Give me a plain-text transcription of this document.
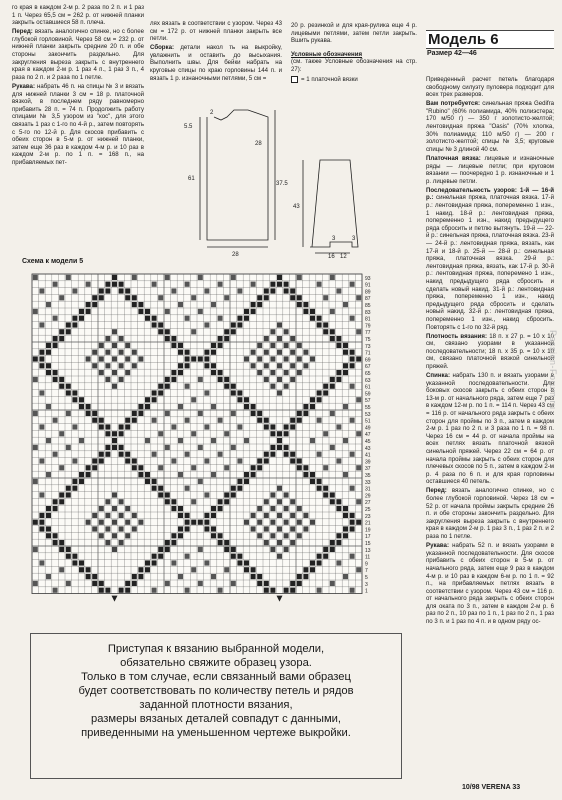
го края в каждом 2-м р. 2 раза по 2 п. и 1 раз 1 п. Через 65,5 см = 262 р. от нижней планки закрыть оставшиеся 58 п. плеча.

Перед: вязать аналогично спинке, но с более глубокой горловиной. Через 58 см = 232 р. от нижней планки закрыть средние 20 п. и обе стороны закончить раздельно. Для закругления выреза закрыть с внутреннего края в каждом 2-м р. 1 раз 4 п., 1 раз 3 п., 4 раза по 2 п. и 2 раза по 1 петле.

Рукава: набрать 46 п. на спицы № 3 и вязать для нижней планки 3 см = 18 р. платочной вязкой, в последнем ряду равномерно прибавить 28 п. = 74 п. Продолжить работу спицами № 3,5 узором из "кос", для этого связать 1 раз с 1-го по 4-й р., затем повторять с 5-го по 12-й р. Для скосов прибавить с обеих сторон в 5-м р. от нижней планки, затем еще 36 раз в каждом 4-м р. и 10 раз в каждом 2-м р. по 1 п. = 168 п., на прибавляемых пет-

лях вязать в соответствии с узором. Через 43 см = 172 р. от нижней планки закрыть все петли.

Сборка: детали накол ть на выкройку, увлажнить и оставить до высыхания. Выполнить швы. Для бейки набрать на круговые спицы по краю горловины 144 п. и вязать 1 р. изнаночными петлями, 5 см =

20 р. резинкой и для края-рулика еще 4 р. лицевыми петлями, затем петли закрыть. Вшить рукава.

Условные обозначения
(см. также Условные обозначения на стр. 27):

= 1 платочной вязки
2
5.5
61
28
37.5
28
43
16 12
3	3
Модель 6
Размер 42—46

Приведенный расчет петель благодаря свободному силуэту пуловера подходит для всех трех размеров.

Вам потребуется: синельная пряжа Gedifra "Rubino" (60% полиамида, 40% полиэстера; 170 м/50 г) — 350 г золотисто-желтой; лентовидная пряжа "Oasis" (70% хлопка, 30% полиамида; 110 м/50 г) — 200 г золотисто-желтой; спицы № 3,5; круговые спицы № 3 длиной 40 см.

Платочная вязка: лицевые и изнаночные ряды — лицевые петли; при круговом вязании — поочередно 1 р. изнаночные и 1 р. лицевые петли.

Последовательность узоров: 1-й — 16-й р.: синельная пряжа, платочная вязка. 17-й р.: лентовидная пряжа, попеременно 1 изн., 1 накид. 18-й р.: лентовидная пряжа, попеременно 1 изн., накид предыдущего ряда сбросить и петлю вытянуть. 19-й — 22-й р.: синельная пряжа, платочная вязка. 23-й — 24-й р.: лентовидная пряжа, вязать, как 17-й и 18-й р. 25-й — 28-й р.: синельная пряжа, платочная вязка. 29-й р.: лентовидная пряжа, вязать, как 17-й р. 30-й р.: лентовидная пряжа, поперемено 1 изн., накид предыдущего ряда сбросить и сделать новый накид. 31-й р.: лентовидная пряжа, попеременно 1 изн., накид предыдущего ряда сбросить и сделать новый накид. 32-й р.: лентовидная пряжа, попеременно 1 изн., накид сбросить. Повторять с 1-го по 32-й ряд.

Плотность вязания: 18 п. x 27 р. = 10 x 10 см, связано узорами в указанной последовательности; 18 п. x 35 р. = 10 x 10 см, связано платочной вязкой синельной пряжей.

Спинка: набрать 130 п. и вязать узорами в указанной последовательности. Для боковых скосов закрыть с обеих сторон в 13-м р. от начального ряда, затем еще 7 раз в каждом 12-м р. по 1 п. = 114 п. Через 43 см = 116 р. от начального ряда закрыть с обеих сторон для проймы по 3 п., затем в каждом 2-м р. 1 раз по 2 п. и 3 раза по 1 п. = 98 п. Через 16 см = 44 р. от начала проймы на всех петлях вязать платочной вязкой синельной пряжей. Через 22 см = 64 р. от начала проймы закрыть с обеих сторон для плечевых скосов по 5 п., затем в каждом 2-м р. 4 раза по 6 п. и для края горловины оставшиеся 40 петель.

Перед: вязать аналогично спинке, но с более глубокой горловиной. Через 18 см = 52 р. от начала проймы закрыть средние 26 п. и обе стороны закончить раздельно. Для закругления выреза закрыть с внутреннего края в каждом 2-м р. 1 раз 3 п., 1 раз 2 п. и 2 раза по 1 петле.

Рукава: набрать 52 п. и вязать узорами в указанной последовательности. Для скосов прибавить с обеих сторон в 5-м р. от начального ряда, затем еще 9 раз в каждом 4-м р. и 10 раз в каждом 6-м р. по 1 п. = 92 п., на прибавляемых петлях вязать в соответствии с узором. Через 43 см = 116 р. от начального ряда закрыть с обеих сторон для оката по 3 п., затем в каждом 2-м р. 6 раз по 2 п., 10 раз по 1 п., 1 раз по 2 п., 1 раз по 3 п. и 1 раз по 4 п. и в одном ряду ос-

Схема к модели 5
93
91
89
87
85
83
81
79
77
75
73
71
69
67
65
63
61
59
57
55
53
51
49
47
45
43
41
39
37
35
33
31
29
27
25
23
21
19
17
15
13
11
9
7
5
3
1
Приступая к вязанию выбранной модели,
обязательно свяжите образец узора.
Только в том случае, если связанный вами образец
будет соответствовать по количеству петель и рядов
заданной плотности вязания,
размеры вязаных деталей совпадут с данными,
приведенными на уменьшенном чертеже выкройки.
10/98 VERENA 33
Passion-Forum.ru
